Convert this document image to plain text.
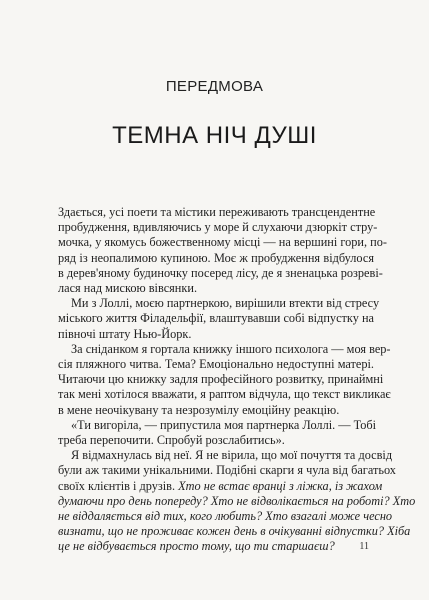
ПЕРЕДМОВА
ТЕМНА НІЧ ДУШІ
Здається, усі поети та містики переживають трансцендентне
пробудження, вдивляючись у море й слухаючи дзюркіт стру-
мочка, у якомусь божественному місці — на вершині гори, по-
ряд із неопалимою купиною. Моє ж пробудження відбулося
в дерев'яному будиночку посеред лісу, де я зненацька розреві-
лася над мискою вівсянки.
Ми з Лоллі, моєю партнеркою, вирішили втекти від стресу
міського життя Філадельфії, влаштувавши собі відпустку на
півночі штату Нью-Йорк.
За сніданком я гортала книжку іншого психолога — моя вер-
сія пляжного читва. Тема? Емоціонально недоступні матері.
Читаючи цю книжку задля професійного розвитку, принаймні
так мені хотілося вважати, я раптом відчула, що текст викликає
в мене неочікувану та незрозумілу емоційну реакцію.
«Ти вигоріла, — припустила моя партнерка Лоллі. — Тобі
треба перепочити. Спробуй розслабитись».
Я відмахнулась від неї. Я не вірила, що мої почуття та досвід
були аж такими унікальними. Подібні скарги я чула від багатьох
своїх клієнтів і друзів. Хто не встає вранці з ліжка, із жахом
думаючи про день попереду? Хто не відволікається на роботі? Хто
не віддаляється від тих, кого любить? Хто взагалі може чесно
визнати, що не проживає кожен день в очікуванні відпустки? Хіба
це не відбувається просто тому, що ти старшаєш?	11
